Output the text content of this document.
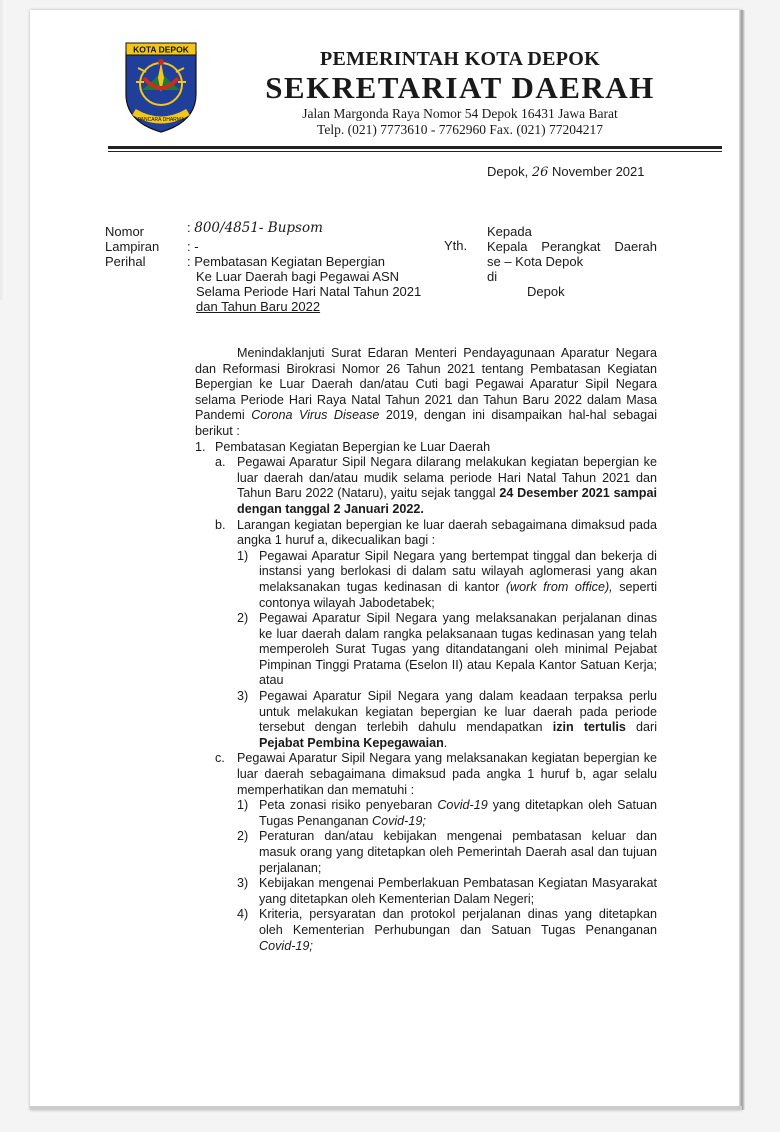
KOTA DEPOK
PANCARA DHARMA
PEMERINTAH KOTA DEPOK
SEKRETARIAT DAERAH
Jalan Margonda Raya Nomor 54 Depok 16431 Jawa Barat
Telp. (021) 7773610 - 7762960 Fax. (021) 77204217
Depok, 26 November 2021
Nomor
Lampiran
Perihal
: 800/4851- Bupsom
: -
: Pembatasan Kegiatan Bepergian
Ke Luar Daerah bagi Pegawai ASN
Selama Periode Hari Natal Tahun 2021
dan Tahun Baru 2022
Yth.
Kepada
Kepala Perangkat Daerah
se – Kota Depok
di
Depok

Menindaklanjuti Surat Edaran Menteri Pendayagunaan Aparatur Negara dan Reformasi Birokrasi Nomor 26 Tahun 2021 tentang Pembatasan Kegiatan Bepergian ke Luar Daerah dan/atau Cuti bagi Pegawai Aparatur Sipil Negara selama Periode Hari Raya Natal Tahun 2021 dan Tahun Baru 2022 dalam Masa Pandemi Corona Virus Disease 2019, dengan ini disampaikan hal-hal sebagai berikut :

1. Pembatasan Kegiatan Bepergian ke Luar Daerah
a. Pegawai Aparatur Sipil Negara dilarang melakukan kegiatan bepergian ke luar daerah dan/atau mudik selama periode Hari Natal Tahun 2021 dan Tahun Baru 2022 (Nataru), yaitu sejak tanggal 24 Desember 2021 sampai dengan tanggal 2 Januari 2022.
b. Larangan kegiatan bepergian ke luar daerah sebagaimana dimaksud pada angka 1 huruf a, dikecualikan bagi :
1) Pegawai Aparatur Sipil Negara yang bertempat tinggal dan bekerja di instansi yang berlokasi di dalam satu wilayah aglomerasi yang akan melaksanakan tugas kedinasan di kantor (work from office), seperti contonya wilayah Jabodetabek;
2) Pegawai Aparatur Sipil Negara yang melaksanakan perjalanan dinas ke luar daerah dalam rangka pelaksanaan tugas kedinasan yang telah memperoleh Surat Tugas yang ditandatangani oleh minimal Pejabat Pimpinan Tinggi Pratama (Eselon II) atau Kepala Kantor Satuan Kerja; atau
3) Pegawai Aparatur Sipil Negara yang dalam keadaan terpaksa perlu untuk melakukan kegiatan bepergian ke luar daerah pada periode tersebut dengan terlebih dahulu mendapatkan izin tertulis dari Pejabat Pembina Kepegawaian.
c. Pegawai Aparatur Sipil Negara yang melaksanakan kegiatan bepergian ke luar daerah sebagaimana dimaksud pada angka 1 huruf b, agar selalu memperhatikan dan mematuhi :
1) Peta zonasi risiko penyebaran Covid-19 yang ditetapkan oleh Satuan Tugas Penanganan Covid-19;
2) Peraturan dan/atau kebijakan mengenai pembatasan keluar dan masuk orang yang ditetapkan oleh Pemerintah Daerah asal dan tujuan perjalanan;
3) Kebijakan mengenai Pemberlakuan Pembatasan Kegiatan Masyarakat yang ditetapkan oleh Kementerian Dalam Negeri;
4) Kriteria, persyaratan dan protokol perjalanan dinas yang ditetapkan oleh Kementerian Perhubungan dan Satuan Tugas Penanganan Covid-19;
